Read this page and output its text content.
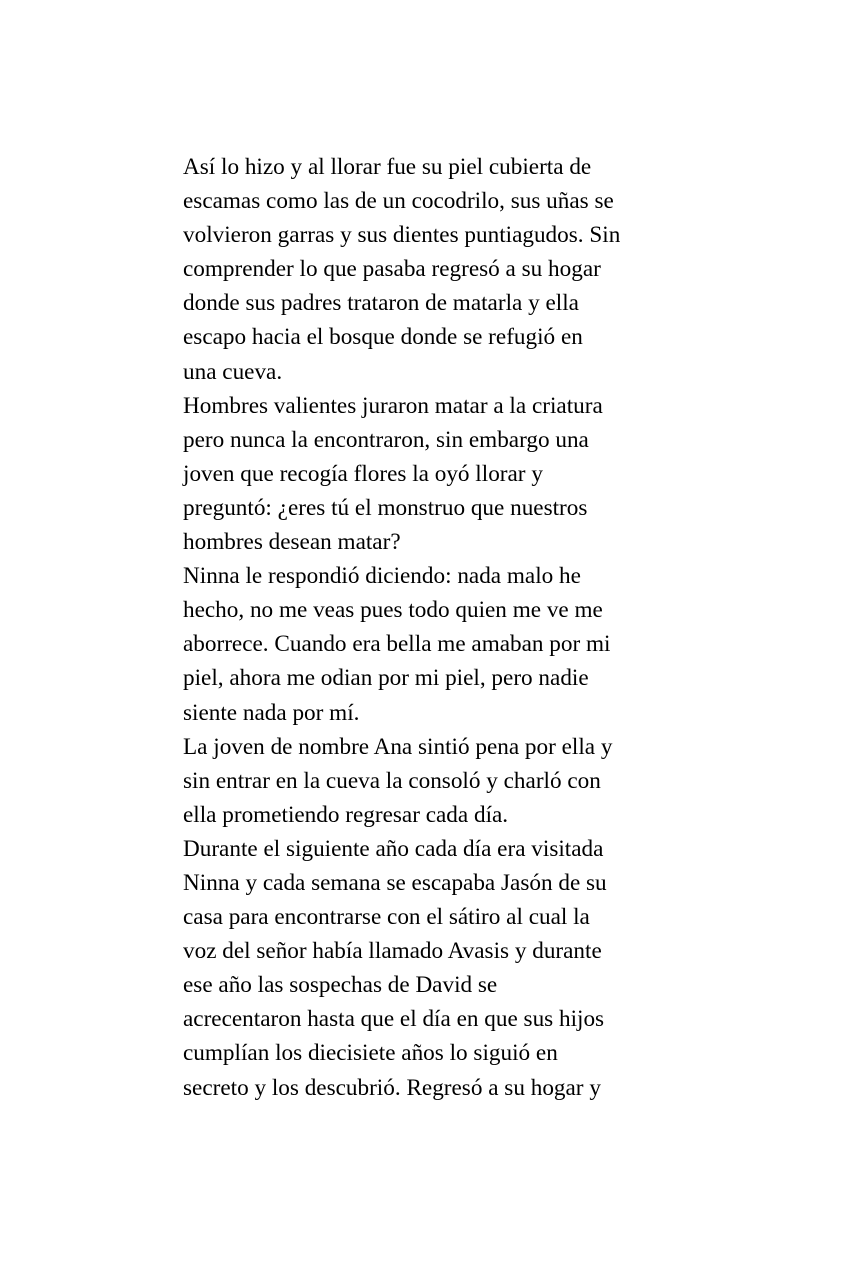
Así lo hizo y al llorar fue su piel cubierta de
escamas como las de un cocodrilo, sus uñas se
volvieron garras y sus dientes puntiagudos. Sin
comprender lo que pasaba regresó a su hogar
donde sus padres trataron de matarla y ella
escapo hacia el bosque donde se refugió en
una cueva.
Hombres valientes juraron matar a la criatura
pero nunca la encontraron, sin embargo una
joven que recogía flores la oyó llorar y
preguntó: ¿eres tú el monstruo que nuestros
hombres desean matar?
Ninna le respondió diciendo: nada malo he
hecho, no me veas pues todo quien me ve me
aborrece. Cuando era bella me amaban por mi
piel, ahora me odian por mi piel, pero nadie
siente nada por mí.
La joven de nombre Ana sintió pena por ella y
sin entrar en la cueva la consoló y charló con
ella prometiendo regresar cada día.
Durante el siguiente año cada día era visitada
Ninna y cada semana se escapaba Jasón de su
casa para encontrarse con el sátiro al cual la
voz del señor había llamado Avasis y durante
ese año las sospechas de David se
acrecentaron hasta que el día en que sus hijos
cumplían los diecisiete años lo siguió en
secreto y los descubrió. Regresó a su hogar y
